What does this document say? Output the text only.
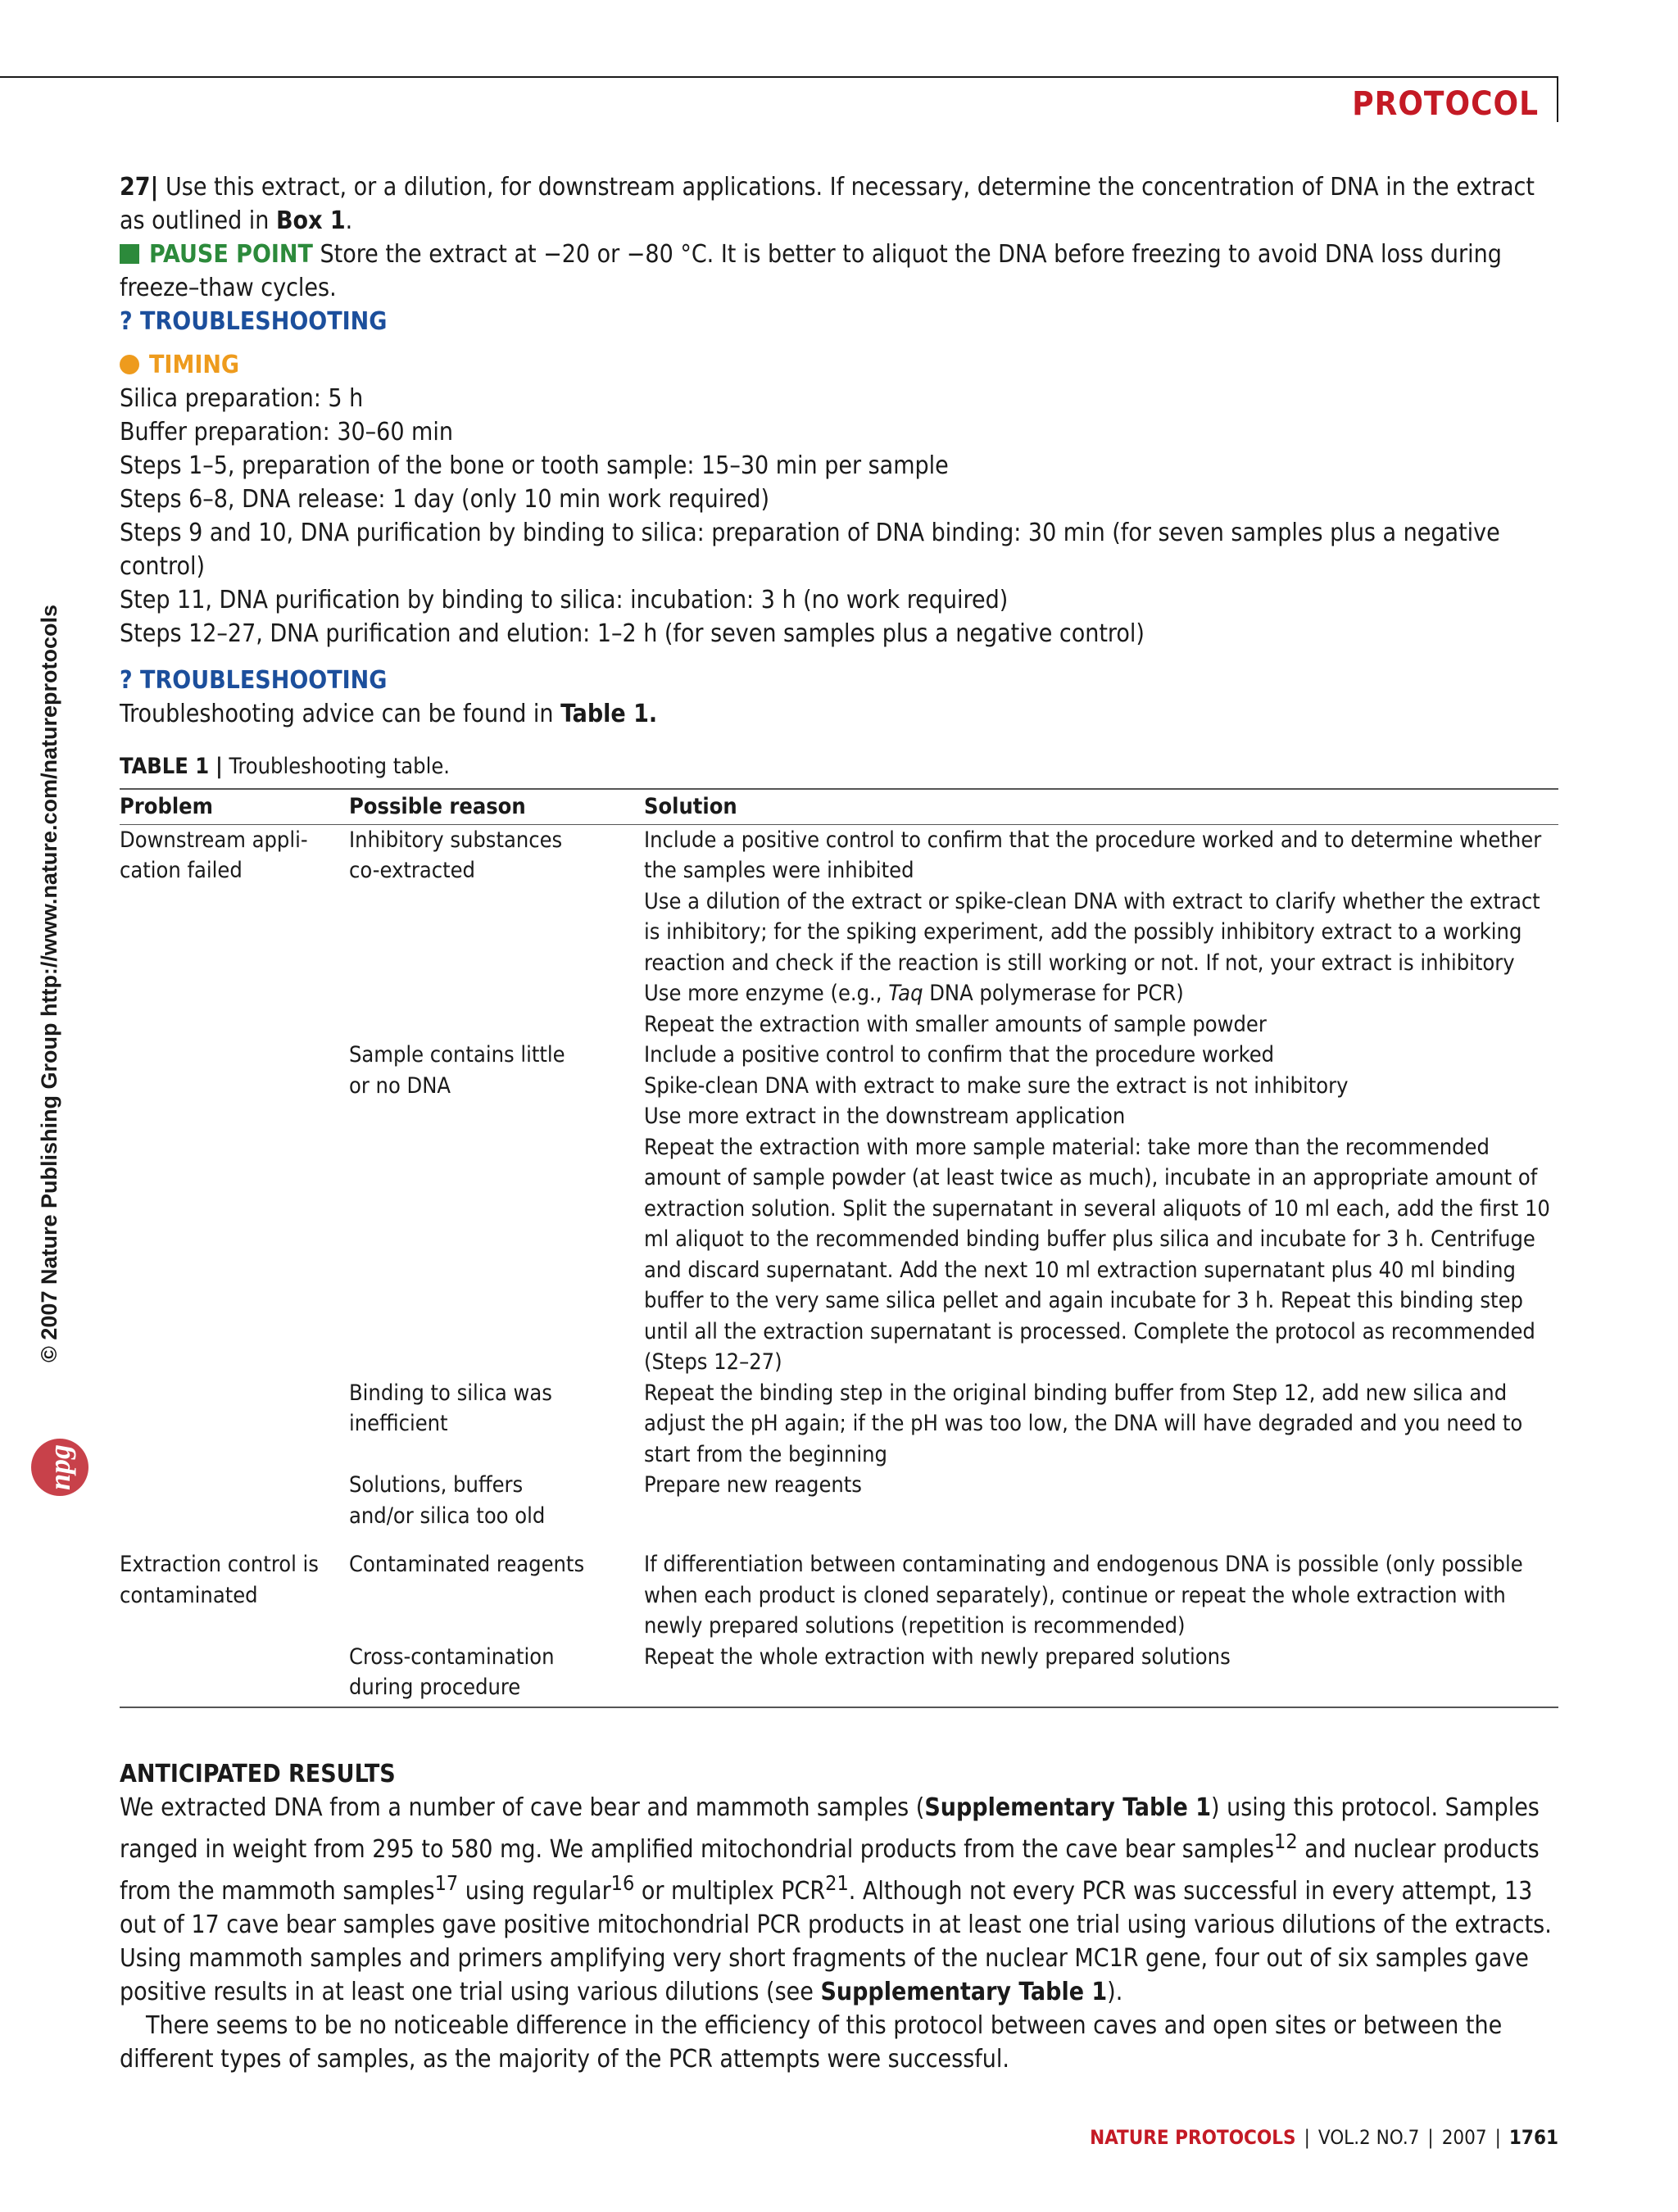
PROTOCOL
© 2007 Nature Publishing Group http://www.nature.com/natureprotocols
npg

27| Use this extract, or a dilution, for downstream applications. If necessary, determine the concentration of DNA in the extract as outlined in Box 1.

PAUSE POINT Store the extract at −20 or −80 °C. It is better to aliquot the DNA before freezing to avoid DNA loss during freeze–thaw cycles.

? TROUBLESHOOTING

TIMING

Silica preparation: 5 h

Buffer preparation: 30–60 min

Steps 1–5, preparation of the bone or tooth sample: 15–30 min per sample

Steps 6–8, DNA release: 1 day (only 10 min work required)

Steps 9 and 10, DNA purification by binding to silica: preparation of DNA binding: 30 min (for seven samples plus a negative control)

Step 11, DNA purification by binding to silica: incubation: 3 h (no work required)

Steps 12–27, DNA purification and elution: 1–2 h (for seven samples plus a negative control)

? TROUBLESHOOTING

Troubleshooting advice can be found in Table 1.

TABLE 1 | Troubleshooting table.
Problem	Possible reason	Solution
Downstream appli-
cation failed	Inhibitory substances
co-extracted	Include a positive control to confirm that the procedure worked and to determine whether the samples were inhibited
Use a dilution of the extract or spike-clean DNA with extract to clarify whether the extract is inhibitory; for the spiking experiment, add the possibly inhibitory extract to a working reaction and check if the reaction is still working or not. If not, your extract is inhibitory
Use more enzyme (e.g., Taq DNA polymerase for PCR)
Repeat the extraction with smaller amounts of sample powder

	Sample contains little
or no DNA	Include a positive control to confirm that the procedure worked
Spike-clean DNA with extract to make sure the extract is not inhibitory
Use more extract in the downstream application
Repeat the extraction with more sample material: take more than the recommended amount of sample powder (at least twice as much), incubate in an appropriate amount of extraction solution. Split the supernatant in several aliquots of 10 ml each, add the first 10 ml aliquot to the recommended binding buffer plus silica and incubate for 3 h. Centrifuge and discard supernatant. Add the next 10 ml extraction supernatant plus 40 ml binding buffer to the very same silica pellet and again incubate for 3 h. Repeat this binding step until all the extraction supernatant is processed. Complete the protocol as recommended (Steps 12–27)

	Binding to silica was
inefficient	Repeat the binding step in the original binding buffer from Step 12, add new silica and adjust the pH again; if the pH was too low, the DNA will have degraded and you need to start from the beginning

	Solutions, buffers
and/or silica too old	Prepare new reagents

Extraction control is
contaminated	Contaminated reagents	If differentiation between contaminating and endogenous DNA is possible (only possible when each product is cloned separately), continue or repeat the whole extraction with newly prepared solutions (repetition is recommended)

	Cross-contamination
during procedure	Repeat the whole extraction with newly prepared solutions

ANTICIPATED RESULTS

We extracted DNA from a number of cave bear and mammoth samples (Supplementary Table 1) using this protocol. Samples ranged in weight from 295 to 580 mg. We amplified mitochondrial products from the cave bear samples$^{12}$ and nuclear products from the mammoth samples$^{17}$ using regular$^{16}$ or multiplex PCR$^{21}$. Although not every PCR was successful in every attempt, 13 out of 17 cave bear samples gave positive mitochondrial PCR products in at least one trial using various dilutions of the extracts. Using mammoth samples and primers amplifying very short fragments of the nuclear MC1R gene, four out of six samples gave positive results in at least one trial using various dilutions (see Supplementary Table 1).

There seems to be no noticeable difference in the efficiency of this protocol between caves and open sites or between the different types of samples, as the majority of the PCR attempts were successful.

NATURE PROTOCOLS | VOL.2 NO.7 | 2007 | 1761
